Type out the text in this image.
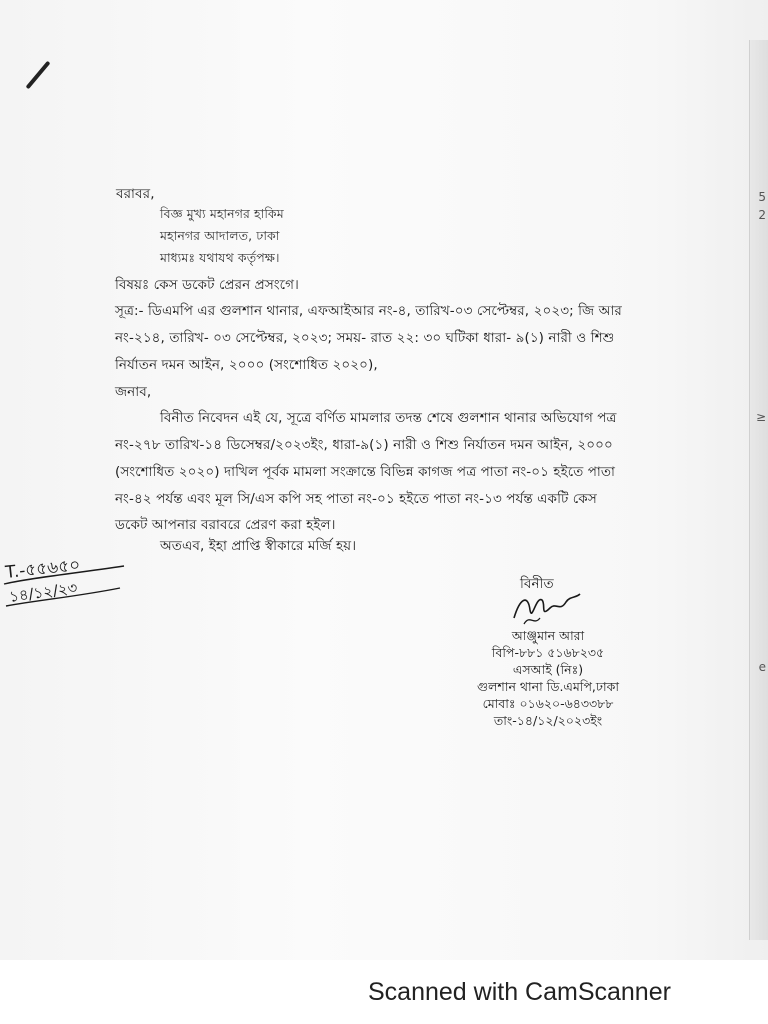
5
2
≥
e
বরাবর,
বিজ্ঞ মুখ্য মহানগর হাকিম
মহানগর আদালত, ঢাকা
মাধ্যমঃ যথাযথ কর্তৃপক্ষ।
বিষয়ঃ কেস ডকেট প্রেরন প্রসংগে।
সূত্র:- ডিএমপি এর গুলশান থানার, এফআইআর নং-৪, তারিখ-০৩ সেপ্টেম্বর, ২০২৩; জি আর
নং-২১৪, তারিখ- ০৩ সেপ্টেম্বর, ২০২৩; সময়- রাত ২২: ৩০ ঘটিকা ধারা- ৯(১) নারী ও শিশু
নির্যাতন দমন আইন, ২০০০ (সংশোধিত ২০২০),
জনাব,
বিনীত নিবেদন এই যে, সূত্রে বর্ণিত মামলার তদন্ত শেষে গুলশান থানার অভিযোগ পত্র
নং-২৭৮ তারিখ-১৪ ডিসেম্বর/২০২৩ইং, ধারা-৯(১) নারী ও শিশু নির্যাতন দমন আইন, ২০০০
(সংশোধিত ২০২০) দাখিল পূর্বক মামলা সংক্রান্তে বিভিন্ন কাগজ পত্র পাতা নং-০১ হইতে পাতা
নং-৪২ পর্যন্ত এবং মূল সি/এস কপি সহ পাতা নং-০১ হইতে পাতা নং-১৩ পর্যন্ত একটি কেস
ডকেট আপনার বরাবরে প্রেরণ করা হইল।
অতএব, ইহা প্রাপ্তি স্বীকারে মর্জি হয়।
বিনীত
আঞ্জুমান আরা
বিপি-৮৮১ ৫১৬৮২৩৫
এসআই (নিঃ)
গুলশান থানা ডি.এমপি,ঢাকা
মোবাঃ ০১৬২০-৬৪৩৩৮৮
তাং-১৪/১২/২০২৩ইং
T.-৫৫৬৫০
১৪/১২/২৩
Scanned with CamScanner
